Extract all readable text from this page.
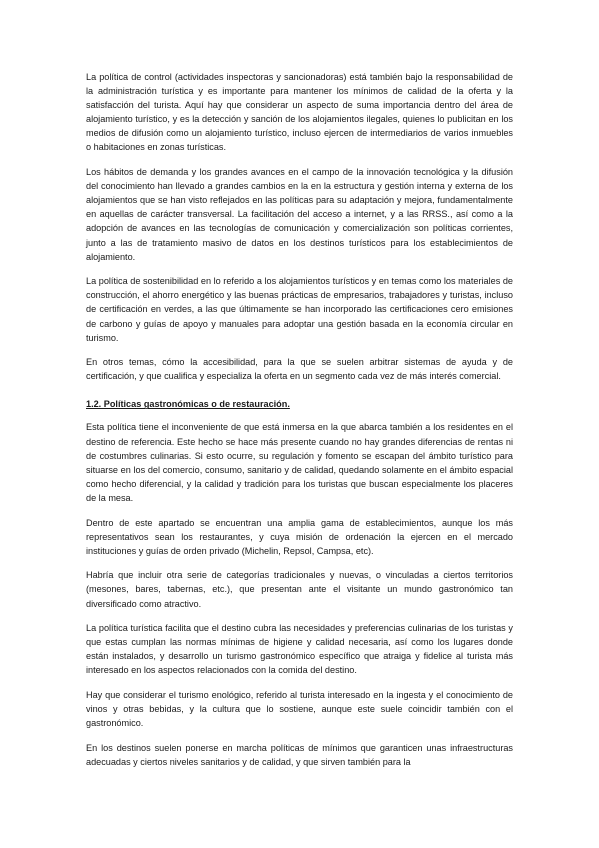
La política de control (actividades inspectoras y sancionadoras) está también bajo la responsabilidad de la administración turística y es importante para mantener los mínimos de calidad de la oferta y la satisfacción del turista. Aquí hay que considerar un aspecto de suma importancia dentro del área de alojamiento turístico, y es la detección y sanción de los alojamientos ilegales, quienes lo publicitan en los medios de difusión como un alojamiento turístico, incluso ejercen de intermediarios de varios inmuebles o habitaciones en zonas turísticas.

Los hábitos de demanda y los grandes avances en el campo de la innovación tecnológica y la difusión del conocimiento han llevado a grandes cambios en la en la estructura y gestión interna y externa de los alojamientos que se han visto reflejados en las políticas para su adaptación y mejora, fundamentalmente en aquellas de carácter transversal. La facilitación del acceso a internet, y a las RRSS., así como a la adopción de avances en las tecnologías de comunicación y comercialización son políticas corrientes, junto a las de tratamiento masivo de datos en los destinos turísticos para los establecimientos de alojamiento.

La política de sostenibilidad en lo referido a los alojamientos turísticos y en temas como los materiales de construcción, el ahorro energético y las buenas prácticas de empresarios, trabajadores y turistas, incluso de certificación en verdes, a las que últimamente se han incorporado las certificaciones cero emisiones de carbono y guías de apoyo y manuales para adoptar una gestión basada en la economía circular en turismo.

En otros temas, cómo la accesibilidad, para la que se suelen arbitrar sistemas de ayuda y de certificación, y que cualifica y especializa la oferta en un segmento cada vez de más interés comercial.

1.2. Políticas gastronómicas o de restauración.

Esta política tiene el inconveniente de que está inmersa en la que abarca también a los residentes en el destino de referencia. Este hecho se hace más presente cuando no hay grandes diferencias de rentas ni de costumbres culinarias. Si esto ocurre, su regulación y fomento se escapan del ámbito turístico para situarse en los del comercio, consumo, sanitario y de calidad, quedando solamente en el ámbito espacial como hecho diferencial, y la calidad y tradición para los turistas que buscan especialmente los placeres de la mesa.

Dentro de este apartado se encuentran una amplia gama de establecimientos, aunque los más representativos sean los restaurantes, y cuya misión de ordenación la ejercen en el mercado instituciones y guías de orden privado (Michelin, Repsol, Campsa, etc).

Habría que incluir otra serie de categorías tradicionales y nuevas, o vinculadas a ciertos territorios (mesones, bares, tabernas, etc.), que presentan ante el visitante un mundo gastronómico tan diversificado como atractivo.

La política turística facilita que el destino cubra las necesidades y preferencias culinarias de los turistas y que estas cumplan las normas mínimas de higiene y calidad necesaria, así como los lugares donde están instalados, y desarrollo un turismo gastronómico específico que atraiga y fidelice al turista más interesado en los aspectos relacionados con la comida del destino.

Hay que considerar el turismo enológico, referido al turista interesado en la ingesta y el conocimiento de vinos y otras bebidas, y la cultura que lo sostiene, aunque este suele coincidir también con el gastronómico.

En los destinos suelen ponerse en marcha políticas de mínimos que garanticen unas infraestructuras adecuadas y ciertos niveles sanitarios y de calidad, y que sirven también para la
